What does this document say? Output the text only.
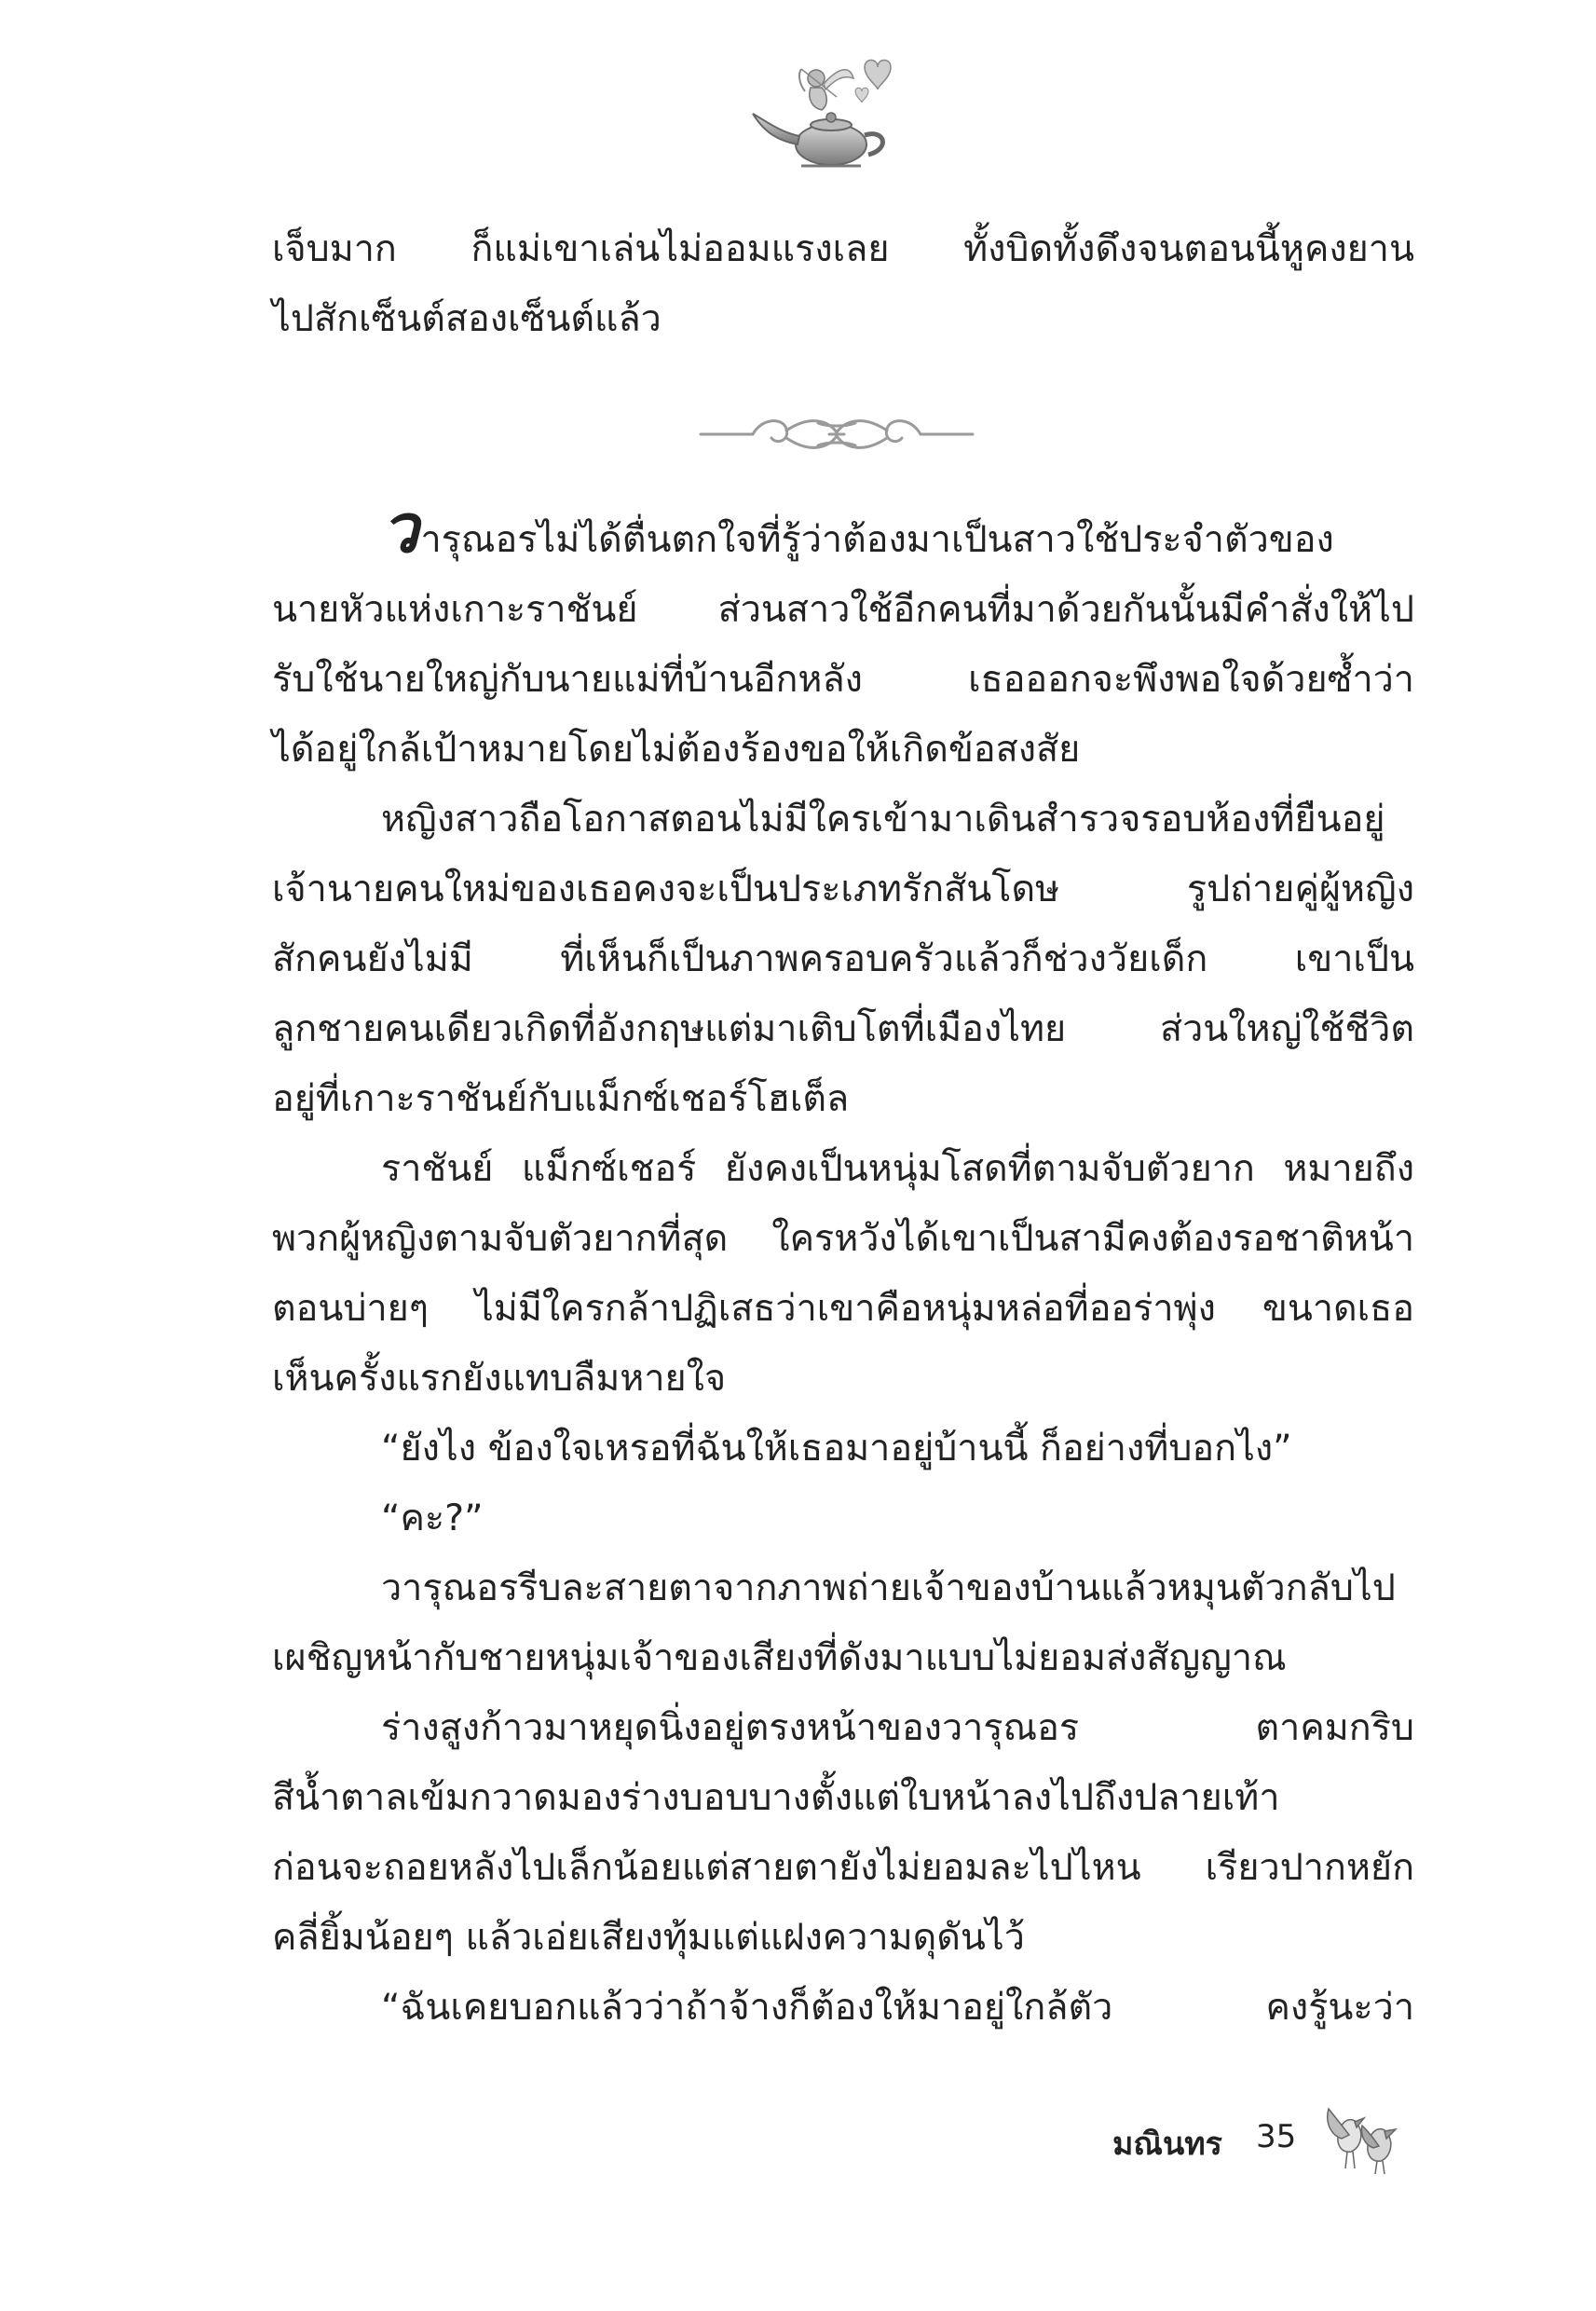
เจ็บมาก ก็แม่เขาเล่นไม่ออมแรงเลย ทั้งบิดทั้งดึงจนตอนนี้หูคงยาน
ไปสักเซ็นต์สองเซ็นต์แล้ว
วารุณอรไม่ได้ตื่นตกใจที่รู้ว่าต้องมาเป็นสาวใช้ประจำตัวของ
นายหัวแห่งเกาะราชันย์ ส่วนสาวใช้อีกคนที่มาด้วยกันนั้นมีคำสั่งให้ไป
รับใช้นายใหญ่กับนายแม่ที่บ้านอีกหลัง เธอออกจะพึงพอใจด้วยซ้ำว่า
ได้อยู่ใกล้เป้าหมายโดยไม่ต้องร้องขอให้เกิดข้อสงสัย
หญิงสาวถือโอกาสตอนไม่มีใครเข้ามาเดินสำรวจรอบห้องที่ยืนอยู่
เจ้านายคนใหม่ของเธอคงจะเป็นประเภทรักสันโดษ รูปถ่ายคู่ผู้หญิง
สักคนยังไม่มี ที่เห็นก็เป็นภาพครอบครัวแล้วก็ช่วงวัยเด็ก เขาเป็น
ลูกชายคนเดียวเกิดที่อังกฤษแต่มาเติบโตที่เมืองไทย ส่วนใหญ่ใช้ชีวิต
อยู่ที่เกาะราชันย์กับแม็กซ์เชอร์โฮเต็ล
ราชันย์ แม็กซ์เชอร์ ยังคงเป็นหนุ่มโสดที่ตามจับตัวยาก หมายถึง
พวกผู้หญิงตามจับตัวยากที่สุด ใครหวังได้เขาเป็นสามีคงต้องรอชาติหน้า
ตอนบ่ายๆ ไม่มีใครกล้าปฏิเสธว่าเขาคือหนุ่มหล่อที่ออร่าพุ่ง ขนาดเธอ
เห็นครั้งแรกยังแทบลืมหายใจ
“ยังไง ข้องใจเหรอที่ฉันให้เธอมาอยู่บ้านนี้ ก็อย่างที่บอกไง”
“คะ?”
วารุณอรรีบละสายตาจากภาพถ่ายเจ้าของบ้านแล้วหมุนตัวกลับไป
เผชิญหน้ากับชายหนุ่มเจ้าของเสียงที่ดังมาแบบไม่ยอมส่งสัญญาณ
ร่างสูงก้าวมาหยุดนิ่งอยู่ตรงหน้าของวารุณอร ตาคมกริบ
สีน้ำตาลเข้มกวาดมองร่างบอบบางตั้งแต่ใบหน้าลงไปถึงปลายเท้า
ก่อนจะถอยหลังไปเล็กน้อยแต่สายตายังไม่ยอมละไปไหน เรียวปากหยัก
คลี่ยิ้มน้อยๆ แล้วเอ่ยเสียงทุ้มแต่แฝงความดุดันไว้
“ฉันเคยบอกแล้วว่าถ้าจ้างก็ต้องให้มาอยู่ใกล้ตัว คงรู้นะว่า
มณินทร 35
